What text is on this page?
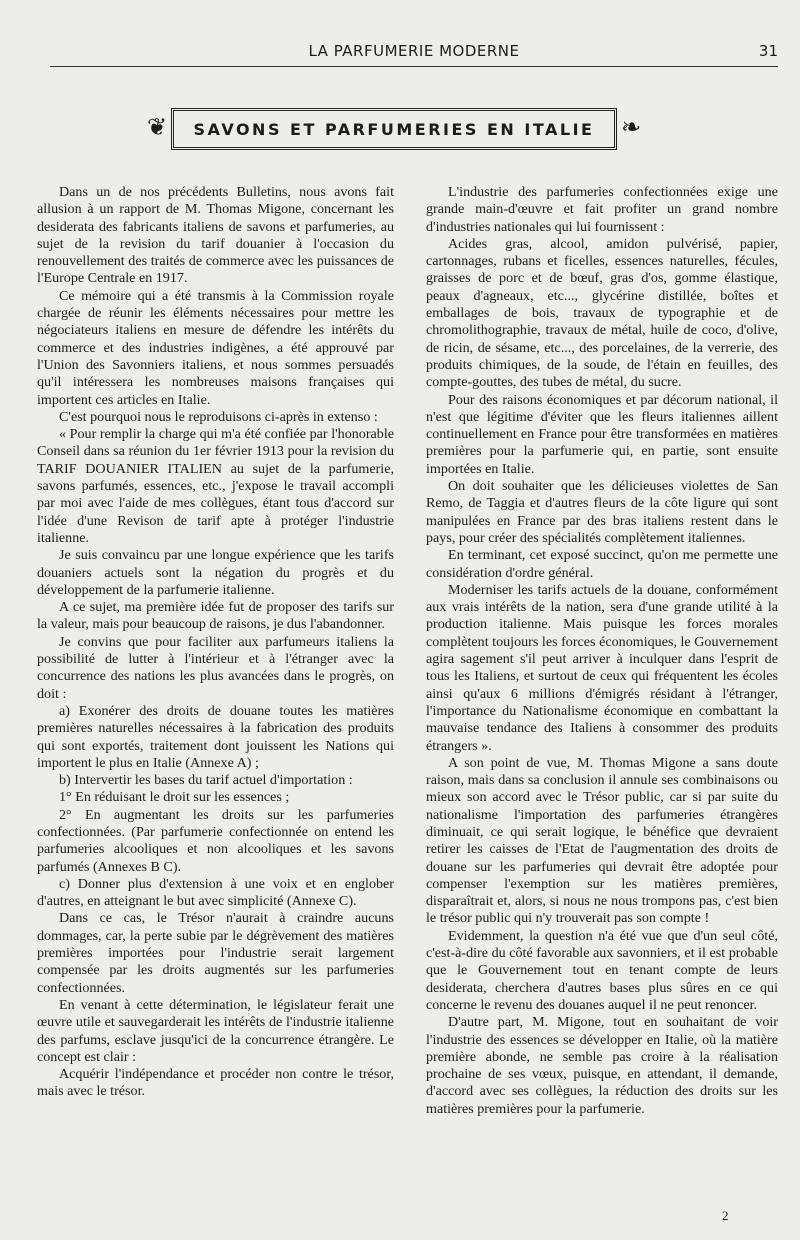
LA PARFUMERIE MODERNE	31
❦ SAVONS ET PARFUMERIES EN ITALIE ❧

Dans un de nos précédents Bulletins, nous avons fait allusion à un rapport de M. Thomas Migone, concernant les desiderata des fabricants italiens de savons et parfumeries, au sujet de la revision du tarif douanier à l'occasion du renouvellement des traités de commerce avec les puissances de l'Europe Centrale en 1917.

Ce mémoire qui a été transmis à la Commission royale chargée de réunir les éléments nécessaires pour mettre les négociateurs italiens en mesure de défendre les intérêts du commerce et des industries indigènes, a été approuvé par l'Union des Savonniers italiens, et nous sommes persuadés qu'il intéressera les nombreuses maisons françaises qui importent ces articles en Italie.

C'est pourquoi nous le reproduisons ci-après in extenso :

« Pour remplir la charge qui m'a été confiée par l'honorable Conseil dans sa réunion du 1er février 1913 pour la revision du TARIF DOUANIER ITALIEN au sujet de la parfumerie, savons parfumés, essences, etc., j'expose le travail accompli par moi avec l'aide de mes collègues, étant tous d'accord sur l'idée d'une Revison de tarif apte à protéger l'industrie italienne.

Je suis convaincu par une longue expérience que les tarifs douaniers actuels sont la négation du progrès et du développement de la parfumerie italienne.

A ce sujet, ma première idée fut de proposer des tarifs sur la valeur, mais pour beaucoup de raisons, je dus l'abandonner.

Je convins que pour faciliter aux parfumeurs italiens la possibilité de lutter à l'intérieur et à l'étranger avec la concurrence des nations les plus avancées dans le progrès, on doit :

a) Exonérer des droits de douane toutes les matières premières naturelles nécessaires à la fabrication des produits qui sont exportés, traitement dont jouissent les Nations qui importent le plus en Italie (Annexe A) ;

b) Intervertir les bases du tarif actuel d'importation :

1° En réduisant le droit sur les essences ;

2° En augmentant les droits sur les parfumeries confectionnées. (Par parfumerie confectionnée on entend les parfumeries alcooliques et non alcooliques et les savons parfumés (Annexes B C).

c) Donner plus d'extension à une voix et en englober d'autres, en atteignant le but avec simplicité (Annexe C).

Dans ce cas, le Trésor n'aurait à craindre aucuns dommages, car, la perte subie par le dégrèvement des matières premières importées pour l'industrie serait largement compensée par les droits augmentés sur les parfumeries confectionnées.

En venant à cette détermination, le législateur ferait une œuvre utile et sauvegarderait les intérêts de l'industrie italienne des parfums, esclave jusqu'ici de la concurrence étrangère. Le concept est clair :

Acquérir l'indépendance et procéder non contre le trésor, mais avec le trésor.

L'industrie des parfumeries confectionnées exige une grande main-d'œuvre et fait profiter un grand nombre d'industries nationales qui lui fournissent :

Acides gras, alcool, amidon pulvérisé, papier, cartonnages, rubans et ficelles, essences naturelles, fécules, graisses de porc et de bœuf, gras d'os, gomme élastique, peaux d'agneaux, etc..., glycérine distillée, boîtes et emballages de bois, travaux de typographie et de chromolithographie, travaux de métal, huile de coco, d'olive, de ricin, de sésame, etc..., des porcelaines, de la verrerie, des produits chimiques, de la soude, de l'étain en feuilles, des compte-gouttes, des tubes de métal, du sucre.

Pour des raisons économiques et par décorum national, il n'est que légitime d'éviter que les fleurs italiennes aillent continuellement en France pour être transformées en matières premières pour la parfumerie qui, en partie, sont ensuite importées en Italie.

On doit souhaiter que les délicieuses violettes de San Remo, de Taggia et d'autres fleurs de la côte ligure qui sont manipulées en France par des bras italiens restent dans le pays, pour créer des spécialités complètement italiennes.

En terminant, cet exposé succinct, qu'on me permette une considération d'ordre général.

Moderniser les tarifs actuels de la douane, conformément aux vrais intérêts de la nation, sera d'une grande utilité à la production italienne. Mais puisque les forces morales complètent toujours les forces économiques, le Gouvernement agira sagement s'il peut arriver à inculquer dans l'esprit de tous les Italiens, et surtout de ceux qui fréquentent les écoles ainsi qu'aux 6 millions d'émigrés résidant à l'étranger, l'importance du Nationalisme économique en combattant la mauvaise tendance des Italiens à consommer des produits étrangers ».

A son point de vue, M. Thomas Migone a sans doute raison, mais dans sa conclusion il annule ses combinaisons ou mieux son accord avec le Trésor public, car si par suite du nationalisme l'importation des parfumeries étrangères diminuait, ce qui serait logique, le bénéfice que devraient retirer les caisses de l'Etat de l'augmentation des droits de douane sur les parfumeries qui devrait être adoptée pour compenser l'exemption sur les matières premières, disparaîtrait et, alors, si nous ne nous trompons pas, c'est bien le trésor public qui n'y trouverait pas son compte !

Evidemment, la question n'a été vue que d'un seul côté, c'est-à-dire du côté favorable aux savonniers, et il est probable que le Gouvernement tout en tenant compte de leurs desiderata, cherchera d'autres bases plus sûres en ce qui concerne le revenu des douanes auquel il ne peut renoncer.

D'autre part, M. Migone, tout en souhaitant de voir l'industrie des essences se développer en Italie, où la matière première abonde, ne semble pas croire à la réalisation prochaine de ses vœux, puisque, en attendant, il demande, d'accord avec ses collègues, la réduction des droits sur les matières premières pour la parfumerie.

2
